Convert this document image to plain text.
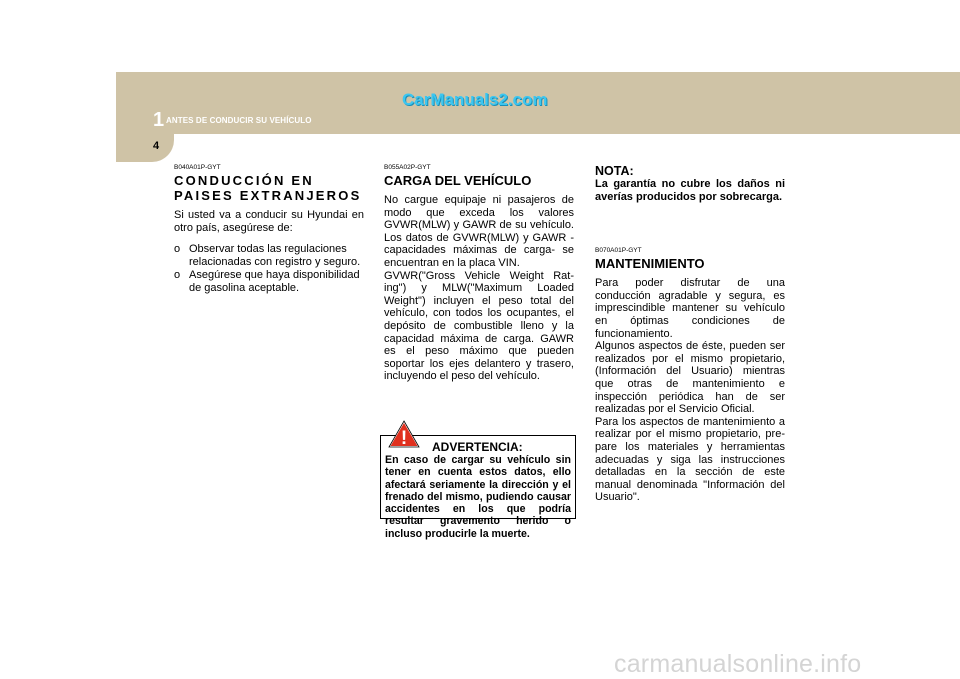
1 ANTES DE CONDUCIR SU VEHÍCULO
CarManuals2.com
4
B040A01P-GYT
CONDUCCIÓN EN PAISES EXTRANJEROS

Si usted va a conducir su Hyundai en otro país, asegúrese de:

o Observar todas las regulaciones relacionadas con registro y seguro.
o Asegúrese que haya disponibilidad de gasolina aceptable.
B055A02P-GYT
CARGA DEL VEHÍCULO

No cargue equipaje ni pasajeros de modo que exceda los valores GVWR(MLW) y GAWR de su vehículo. Los datos de GVWR(MLW) y GAWR - capacidades máximas de carga- se encuentran en la placa VIN.

GVWR("Gross Vehicle Weight Rat-ing") y MLW("Maximum Loaded Weight") incluyen el peso total del vehículo, con todos los ocupantes, el depósito de combustible lleno y la capacidad máxima de carga. GAWR es el peso máximo que pueden soportar los ejes delantero y trasero, incluyendo el peso del vehículo.

ADVERTENCIA:

En caso de cargar su vehículo sin tener en cuenta estos datos, ello afectará seriamente la dirección y el frenado del mismo, pudiendo causar accidentes en los que podría resultar gravemento herido o incluso producirle la muerte.

!
NOTA:

La garantía no cubre los daños ni averías producidos por sobrecarga.

B070A01P-GYT
MANTENIMIENTO

Para poder disfrutar de una conducción agradable y segura, es imprescindible mantener su vehículo en óptimas condiciones de funcionamiento.

Algunos aspectos de éste, pueden ser realizados por el mismo propietario, (Información del Usuario) mientras que otras de mantenimiento e inspección periódica han de ser realizadas por el Servicio Oficial.

Para los aspectos de mantenimiento a realizar por el mismo propietario, pre-pare los materiales y herramientas adecuadas y siga las instrucciones detalladas en la sección de este manual denominada "Información del Usuario".

carmanualsonline.info
